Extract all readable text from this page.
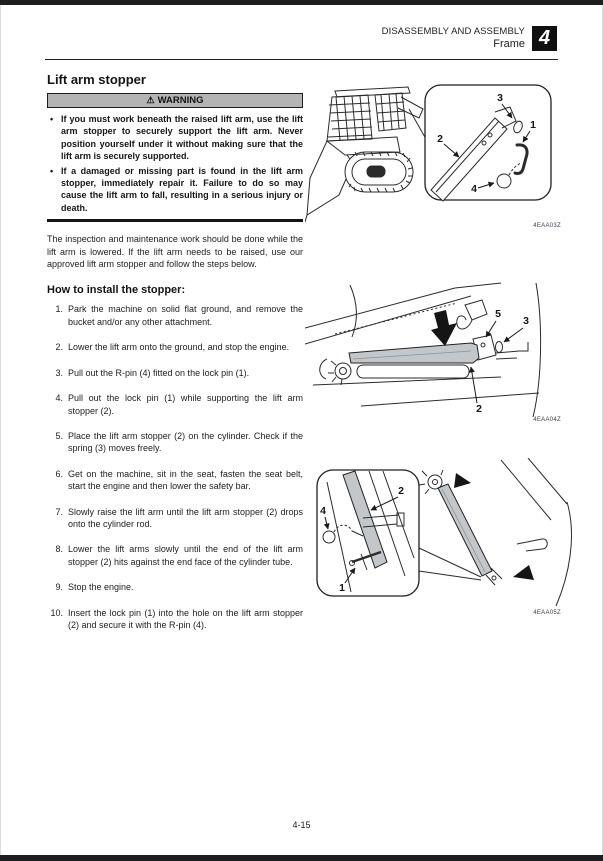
DISASSEMBLY AND ASSEMBLY
Frame 4
Lift arm stopper
⚠ WARNING
• If you must work beneath the raised lift arm, use the lift arm stopper to securely support the lift arm. Never position yourself under it without making sure that the lift arm is securely supported.
• If a damaged or missing part is found in the lift arm stopper, immediately repair it. Failure to do so may cause the lift arm to fall, resulting in a serious injury or death.

The inspection and maintenance work should be done while the lift arm is lowered. If the lift arm needs to be raised, use our approved lift arm stopper and follow the steps below.

How to install the stopper:
Park the machine on solid flat ground, and remove the bucket and/or any other attachment.
Lower the lift arm onto the ground, and stop the engine.
Pull out the R-pin (4) fitted on the lock pin (1).
Pull out the lock pin (1) while supporting the lift arm stopper (2).
Place the lift arm stopper (2) on the cylinder. Check if the spring (3) moves freely.
Get on the machine, sit in the seat, fasten the seat belt, start the engine and then lower the safety bar.
Slowly raise the lift arm until the lift arm stopper (2) drops onto the cylinder rod.
Lower the lift arms slowly until the end of the lift arm stopper (2) hits against the end face of the cylinder tube.
Stop the engine.
Insert the lock pin (1) into the hole on the lift arm stopper (2) and secure it with the R-pin (4).
2
3
1
4
4EAA03Z
5
3
2
4EAA04Z
4
2
1
4EAA05Z
4-15
